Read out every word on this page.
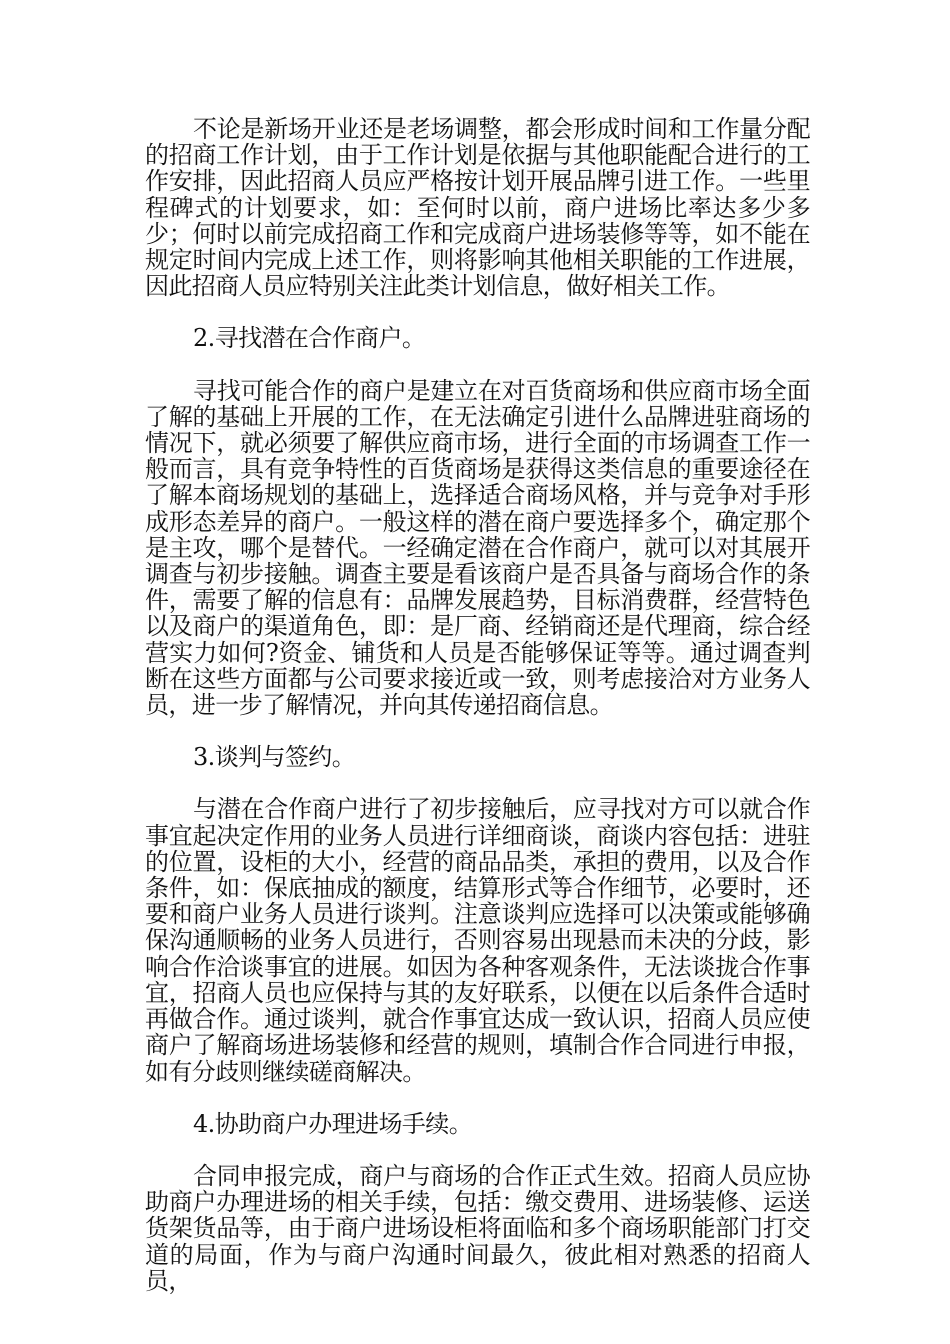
不论是新场开业还是老场调整，都会形成时间和工作量分配的招商工作计划，由于工作计划是依据与其他职能配合进行的工作安排，因此招商人员应严格按计划开展品牌引进工作。一些里程碑式的计划要求，如：至何时以前，商户进场比率达多少多少；何时以前完成招商工作和完成商户进场装修等等，如不能在规定时间内完成上述工作，则将影响其他相关职能的工作进展，因此招商人员应特别关注此类计划信息，做好相关工作。

2.寻找潜在合作商户。

寻找可能合作的商户是建立在对百货商场和供应商市场全面了解的基础上开展的工作，在无法确定引进什么品牌进驻商场的情况下，就必须要了解供应商市场，进行全面的市场调查工作一般而言，具有竞争特性的百货商场是获得这类信息的重要途径在了解本商场规划的基础上，选择适合商场风格，并与竞争对手形成形态差异的商户。一般这样的潜在商户要选择多个，确定那个是主攻，哪个是替代。一经确定潜在合作商户，就可以对其展开调查与初步接触。调查主要是看该商户是否具备与商场合作的条件，需要了解的信息有：品牌发展趋势，目标消费群，经营特色以及商户的渠道角色，即：是厂商、经销商还是代理商，综合经营实力如何?资金、铺货和人员是否能够保证等等。通过调查判断在这些方面都与公司要求接近或一致，则考虑接洽对方业务人员，进一步了解情况，并向其传递招商信息。

3.谈判与签约。

与潜在合作商户进行了初步接触后，应寻找对方可以就合作事宜起决定作用的业务人员进行详细商谈，商谈内容包括：进驻的位置，设柜的大小，经营的商品品类，承担的费用，以及合作条件，如：保底抽成的额度，结算形式等合作细节，必要时，还要和商户业务人员进行谈判。注意谈判应选择可以决策或能够确保沟通顺畅的业务人员进行，否则容易出现悬而未决的分歧，影响合作洽谈事宜的进展。如因为各种客观条件，无法谈拢合作事宜，招商人员也应保持与其的友好联系，以便在以后条件合适时再做合作。通过谈判，就合作事宜达成一致认识，招商人员应使商户了解商场进场装修和经营的规则，填制合作合同进行申报，如有分歧则继续磋商解决。

4.协助商户办理进场手续。

合同申报完成，商户与商场的合作正式生效。招商人员应协助商户办理进场的相关手续，包括：缴交费用、进场装修、运送货架货品等，由于商户进场设柜将面临和多个商场职能部门打交道的局面，作为与商户沟通时间最久，彼此相对熟悉的招商人员，
